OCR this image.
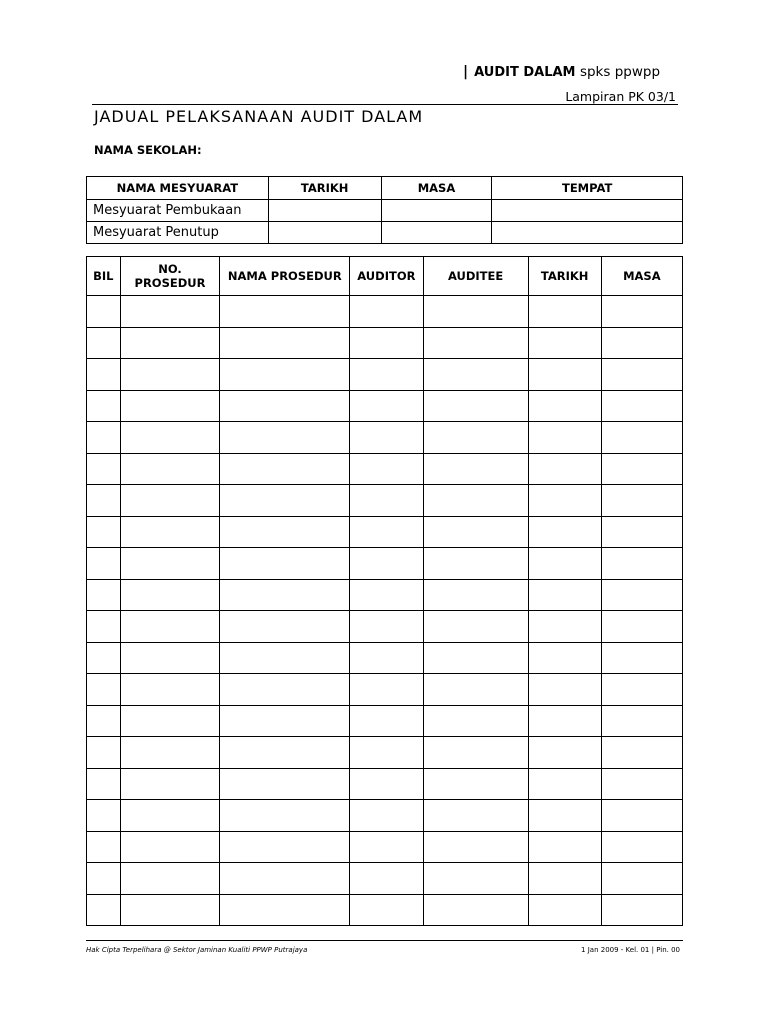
| AUDIT DALAM spks ppwpp
Lampiran PK 03/1
JADUAL PELAKSANAAN AUDIT DALAM
NAMA SEKOLAH:
NAMA MESYUARAT	TARIKH	MASA	TEMPAT
Mesyuarat Pembukaan			
Mesyuarat Penutup			
BIL	NO. PROSEDUR	NAMA PROSEDUR	AUDITOR	AUDITEE	TARIKH	MASA

Hak Cipta Terpelihara @ Sektor Jaminan Kualiti PPWP Putrajaya	1 Jan 2009 - Kel. 01 | Pin. 00
